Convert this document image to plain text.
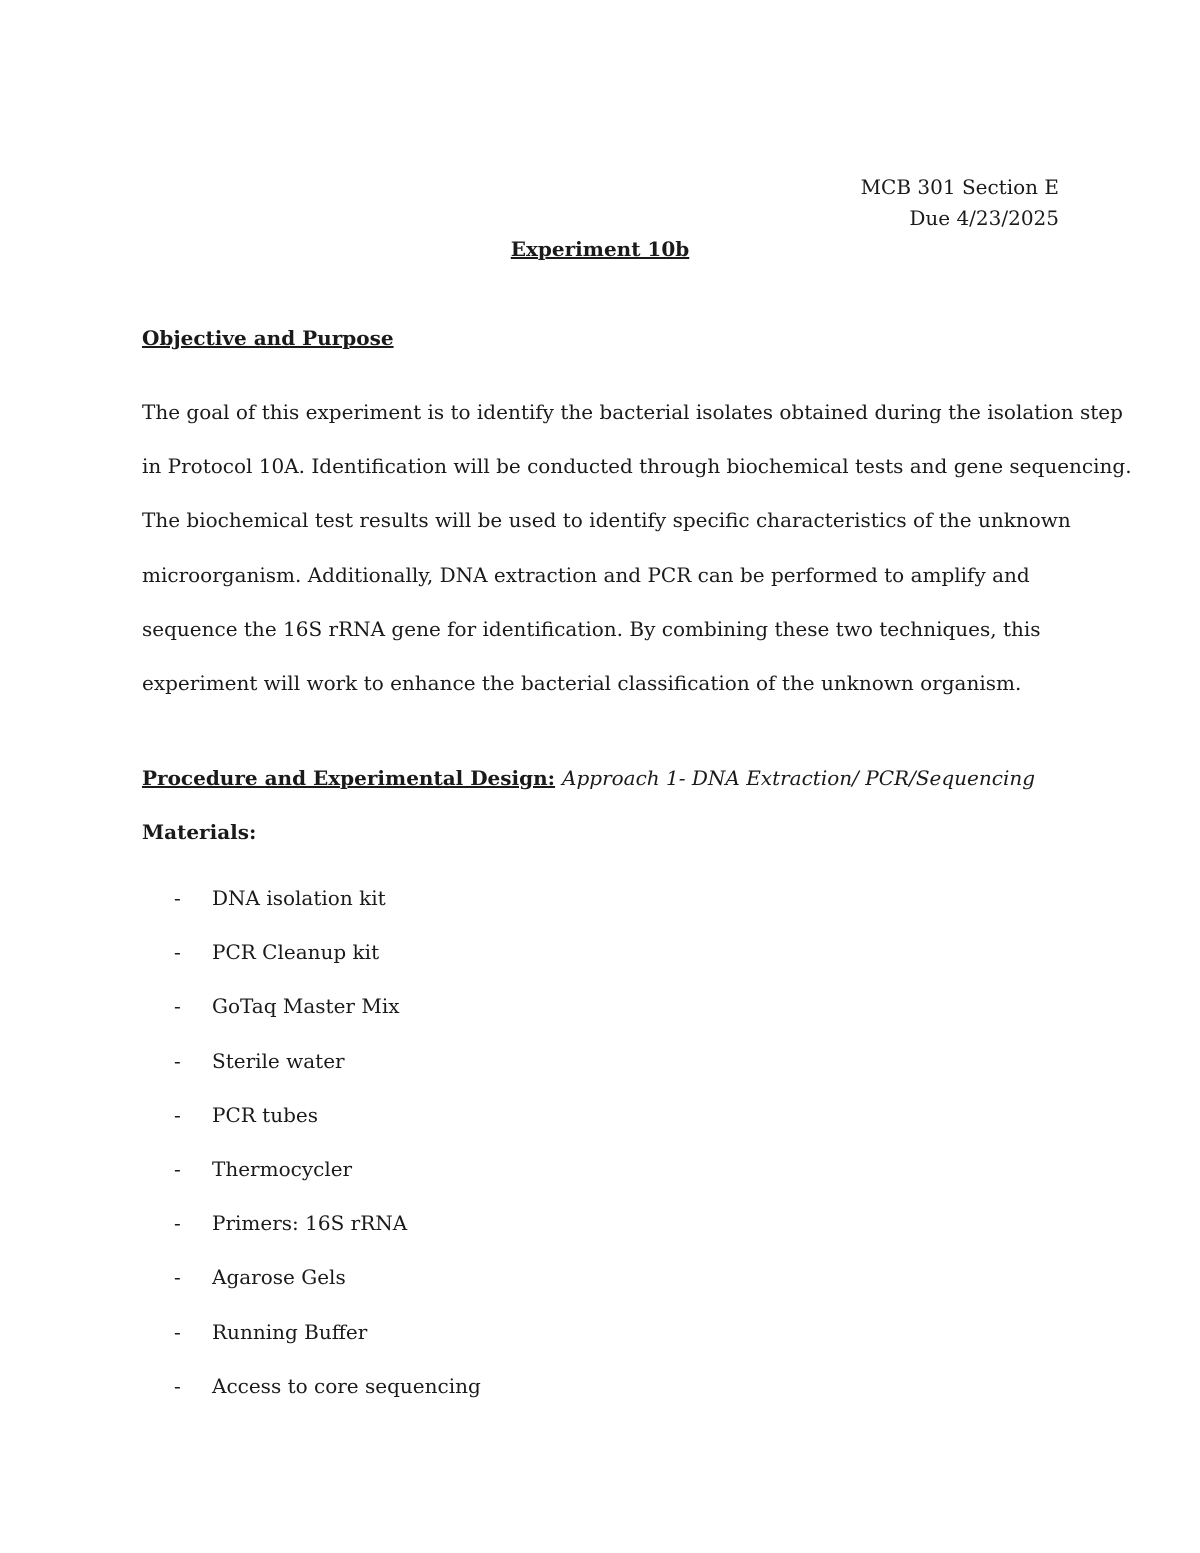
MCB 301 Section E
Due 4/23/2025
Experiment 10b
Objective and Purpose

The goal of this experiment is to identify the bacterial isolates obtained during the isolation step
in Protocol 10A. Identification will be conducted through biochemical tests and gene sequencing.
The biochemical test results will be used to identify specific characteristics of the unknown
microorganism. Additionally, DNA extraction and PCR can be performed to amplify and
sequence the 16S rRNA gene for identification. By combining these two techniques, this
experiment will work to enhance the bacterial classification of the unknown organism.

Procedure and Experimental Design: Approach 1- DNA Extraction/ PCR/Sequencing
Materials:
-	DNA isolation kit
-	PCR Cleanup kit
-	GoTaq Master Mix
-	Sterile water
-	PCR tubes
-	Thermocycler
-	Primers: 16S rRNA
-	Agarose Gels
-	Running Buffer
-	Access to core sequencing
